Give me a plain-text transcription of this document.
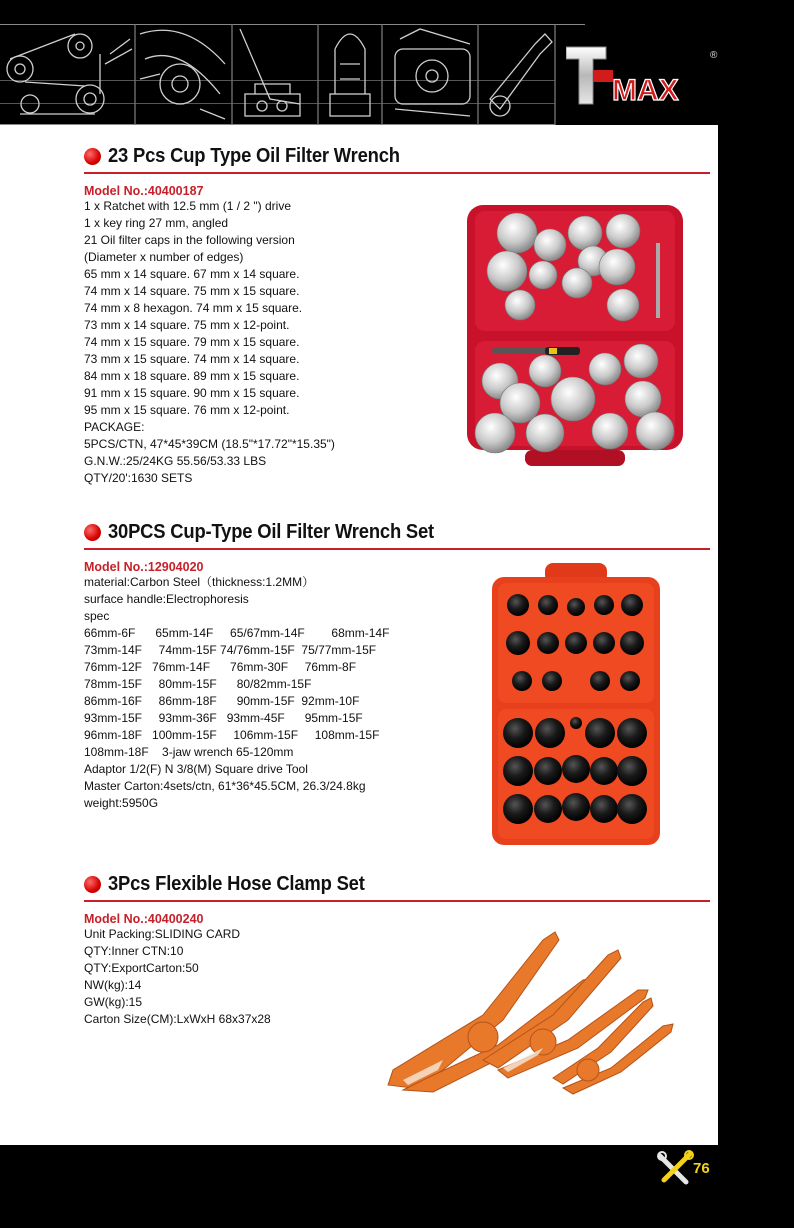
MAX
®
23 Pcs Cup Type Oil Filter Wrench
Model No.:40400187
1 x Ratchet with 12.5 mm (1 / 2 ") drive
1 x key ring 27 mm, angled
21 Oil filter caps in the following version
(Diameter x number of edges)
65 mm x 14 square. 67 mm x 14 square.
74 mm x 14 square. 75 mm x 15 square.
74 mm x 8 hexagon. 74 mm x 15 square.
73 mm x 14 square. 75 mm x 12-point.
74 mm x 15 square. 79 mm x 15 square.
73 mm x 15 square. 74 mm x 14 square.
84 mm x 18 square. 89 mm x 15 square.
91 mm x 15 square. 90 mm x 15 square.
95 mm x 15 square. 76 mm x 12-point.
PACKAGE:
5PCS/CTN, 47*45*39CM (18.5"*17.72"*15.35")
G.N.W.:25/24KG 55.56/53.33 LBS
QTY/20':1630 SETS
30PCS Cup-Type Oil Filter Wrench Set
Model No.:12904020
material:Carbon Steel（thickness:1.2MM）
surface handle:Electrophoresis
spec
66mm-6F      65mm-14F     65/67mm-14F        68mm-14F
73mm-14F     74mm-15F 74/76mm-15F  75/77mm-15F
76mm-12F   76mm-14F      76mm-30F     76mm-8F
78mm-15F     80mm-15F      80/82mm-15F
86mm-16F     86mm-18F      90mm-15F  92mm-10F
93mm-15F     93mm-36F   93mm-45F      95mm-15F
96mm-18F   100mm-15F     106mm-15F     108mm-15F
108mm-18F    3-jaw wrench 65-120mm
Adaptor 1/2(F) N 3/8(M) Square drive Tool
Master Carton:4sets/ctn, 61*36*45.5CM, 26.3/24.8kg
weight:5950G
3Pcs Flexible Hose Clamp Set
Model No.:40400240
Unit Packing:SLIDING CARD
QTY:Inner CTN:10
QTY:ExportCarton:50
NW(kg):14
GW(kg):15
Carton Size(CM):LxWxH 68x37x28
76
